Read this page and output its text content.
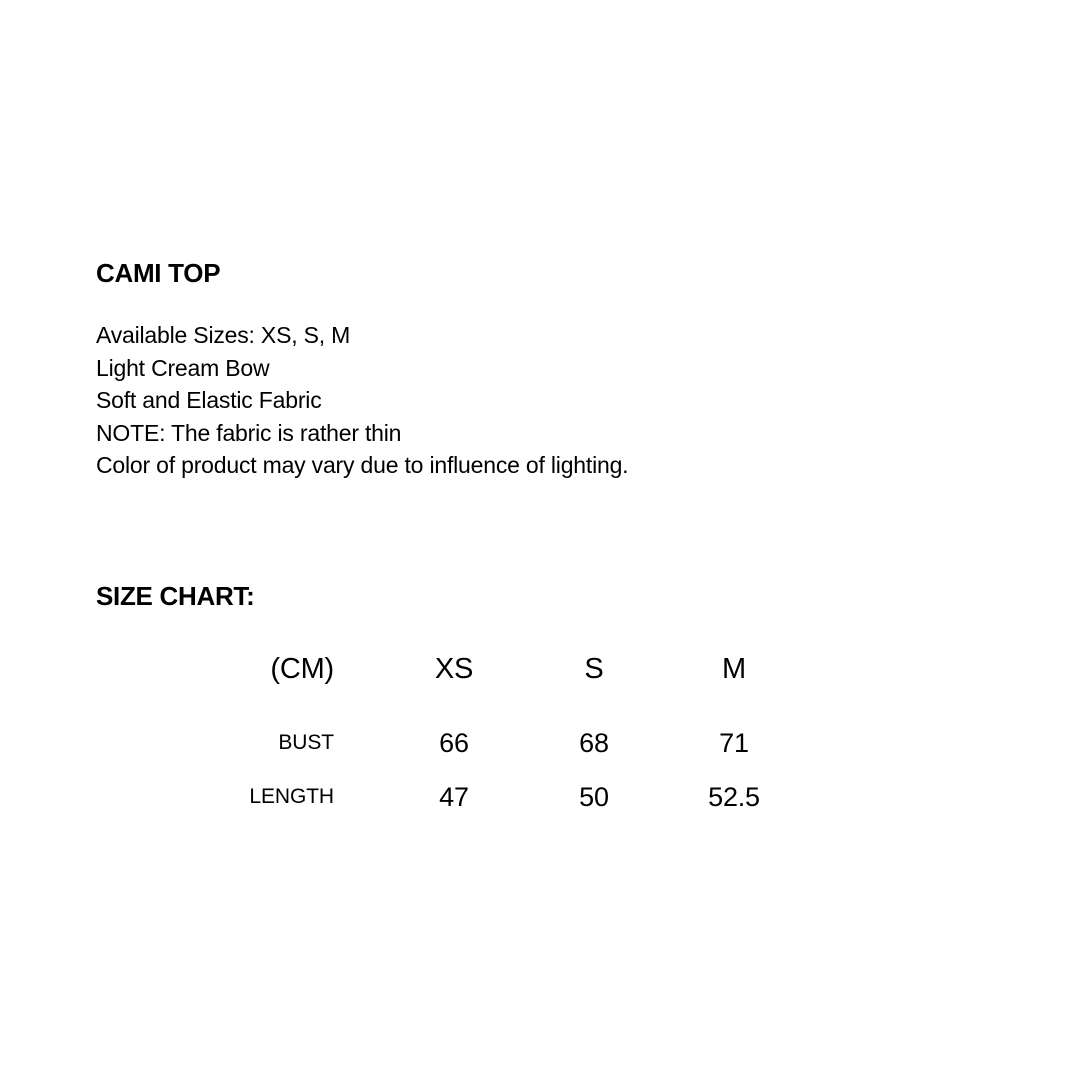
CAMI TOP

Available Sizes: XS, S, M

Light Cream Bow

Soft and Elastic Fabric

NOTE: The fabric is rather thin

Color of product may vary due to influence of lighting.

SIZE CHART:
(CM)	XS	S	M
BUST	66	68	71
LENGTH	47	50	52.5
